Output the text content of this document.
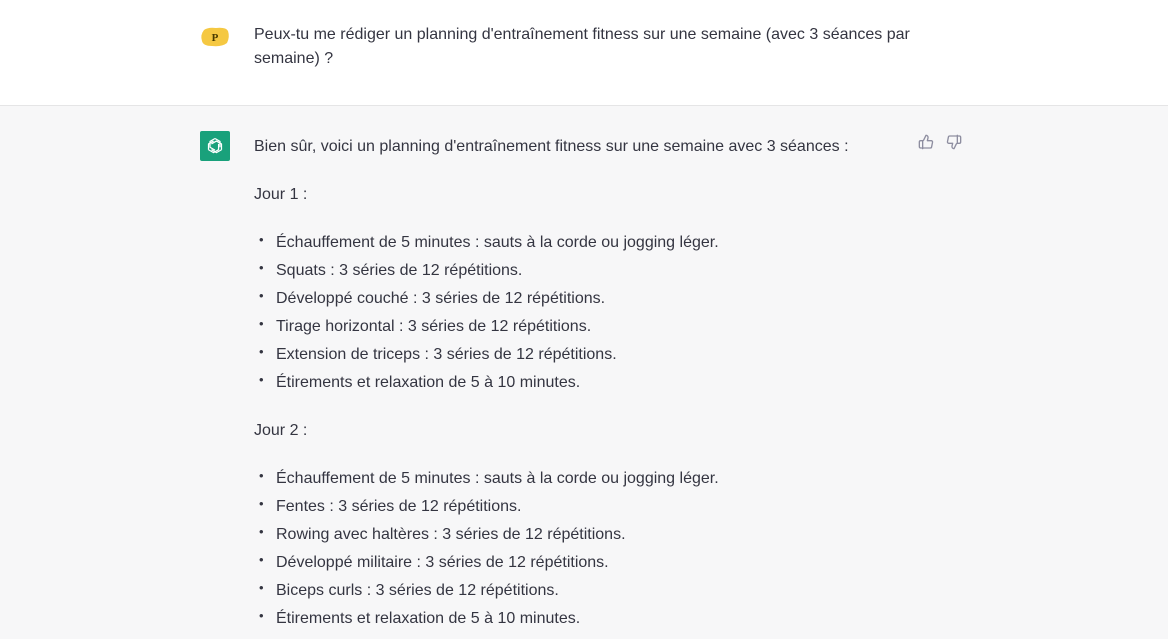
P Peux-tu me rédiger un planning d'entraînement fitness sur une semaine (avec 3 séances par semaine) ?

Bien sûr, voici un planning d'entraînement fitness sur une semaine avec 3 séances :

Jour 1 :

• Échauffement de 5 minutes : sauts à la corde ou jogging léger.
• Squats : 3 séries de 12 répétitions.
• Développé couché : 3 séries de 12 répétitions.
• Tirage horizontal : 3 séries de 12 répétitions.
• Extension de triceps : 3 séries de 12 répétitions.
• Étirements et relaxation de 5 à 10 minutes.

Jour 2 :

• Échauffement de 5 minutes : sauts à la corde ou jogging léger.
• Fentes : 3 séries de 12 répétitions.
• Rowing avec haltères : 3 séries de 12 répétitions.
• Développé militaire : 3 séries de 12 répétitions.
• Biceps curls : 3 séries de 12 répétitions.
• Étirements et relaxation de 5 à 10 minutes.
